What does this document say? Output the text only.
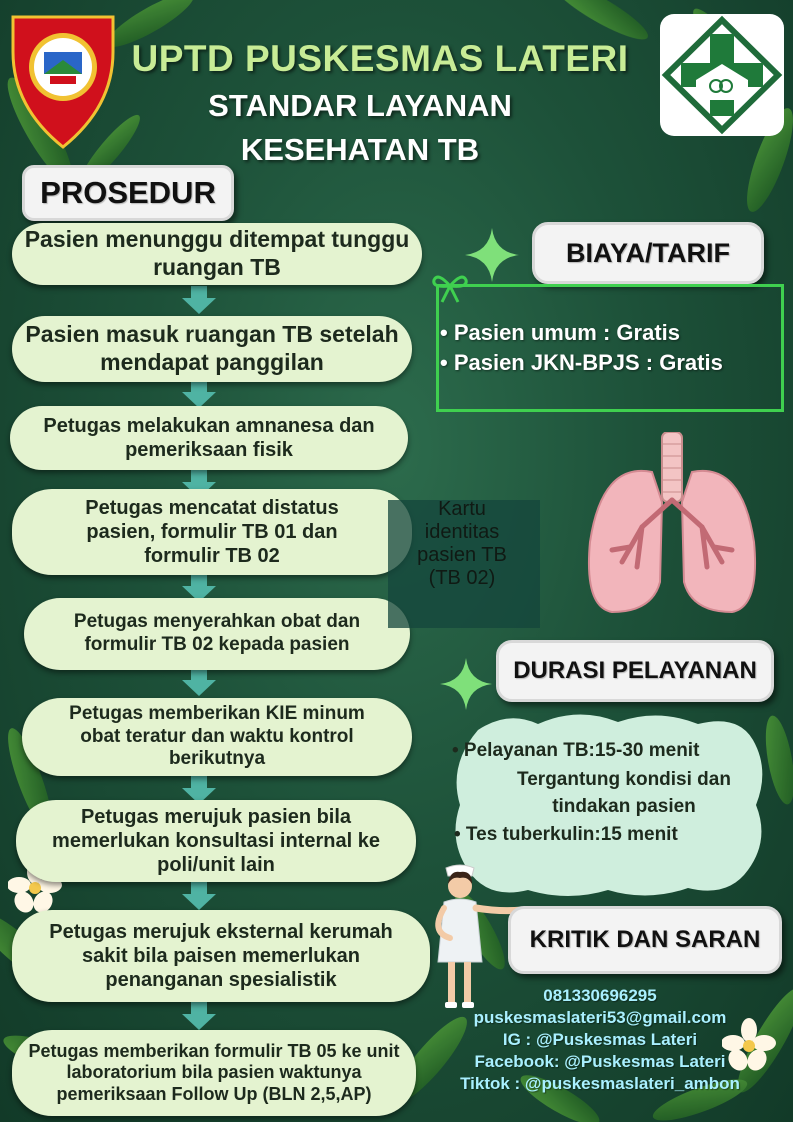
UPTD PUSKESMAS LATERI
STANDAR LAYANAN
KESEHATAN TB
PROSEDUR
Pasien menunggu ditempat tunggu ruangan TB
Pasien masuk ruangan TB setelah mendapat panggilan
Petugas melakukan amnanesa dan pemeriksaan fisik
Petugas mencatat distatus pasien, formulir TB 01 dan formulir TB 02
Petugas menyerahkan obat dan formulir TB 02 kepada pasien
Petugas memberikan KIE minum obat teratur dan waktu kontrol berikutnya
Petugas merujuk pasien bila memerlukan konsultasi internal ke poli/unit lain
Petugas merujuk eksternal kerumah sakit bila paisen memerlukan penanganan spesialistik
Petugas memberikan formulir TB 05 ke unit laboratorium bila pasien waktunya pemeriksaan Follow Up (BLN 2,5,AP)
Kartu identitas pasien TB (TB 02)
BIAYA/TARIF
• Pasien umum : Gratis
• Pasien JKN-BPJS : Gratis
DURASI PELAYANAN
• Pelayanan TB:15-30 menit
Tergantung kondisi dan tindakan pasien
• Tes tuberkulin:15 menit
KRITIK DAN SARAN
081330696295
puskesmaslateri53@gmail.com
IG : @Puskesmas Lateri
Facebook: @Puskesmas Lateri
Tiktok : @puskesmaslateri_ambon
